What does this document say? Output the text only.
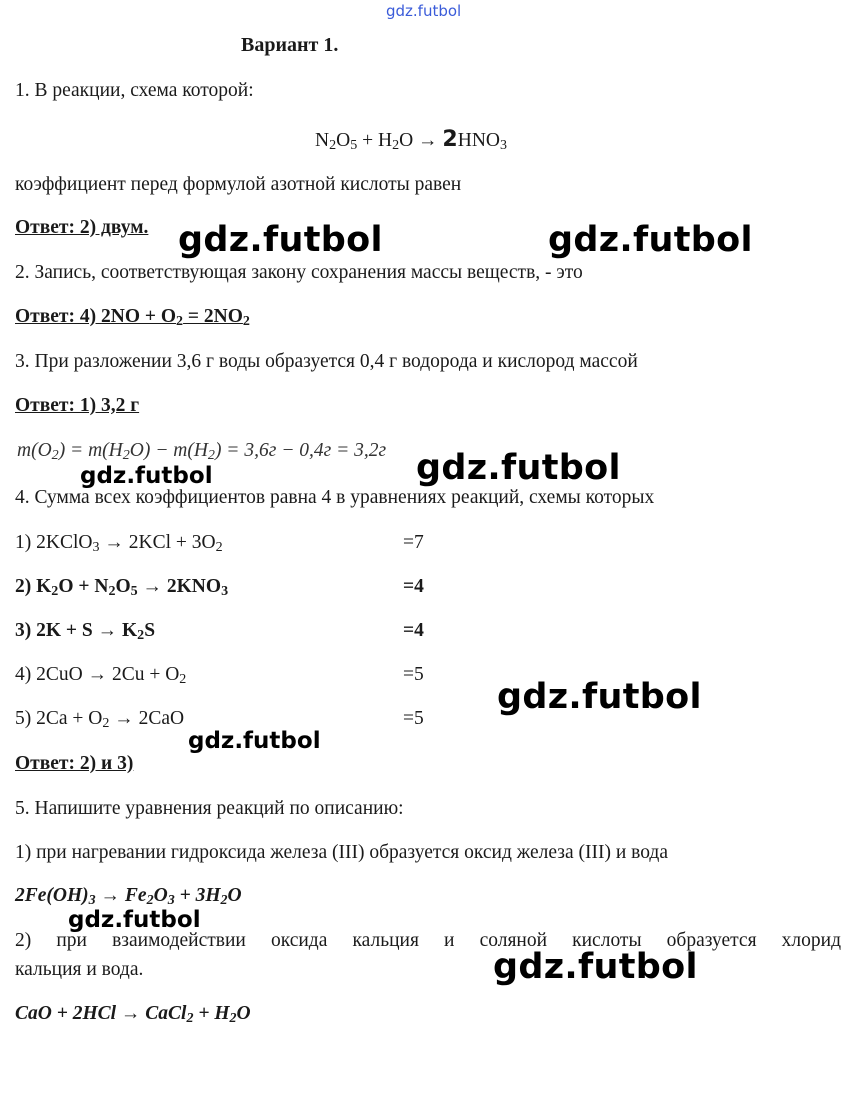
gdz.futbol
Вариант 1.
1. В реакции, схема которой:
$N_2O_5 + H_2O \to 2HNO_3$
коэффициент перед формулой азотной кислоты равен
Ответ: 2) двум.
2. Запись, соответствующая закону сохранения массы веществ, - это
Ответ: 4) $2NO + O_2 = 2NO_2$
3. При разложении 3,6 г воды образуется 0,4 г водорода и кислород массой
Ответ: 1) 3,2 г
$m(O_2) = m(H_2O) - m(H_2) = 3,6г - 0,4г = 3,2г$
4. Сумма всех коэффициентов равна 4 в уравнениях реакций, схемы которых
1) 2KClO$_3$ → $2KCl + 3O_2$	=7
2) $K_2O + N_2O_5 \to 2KNO_3$	=4
3) $2K + S \to K_2S$	=4
4) $2CuO \to 2Cu + O_2$	=5
5) $2Ca + O_2 \to 2CaO$	=5
Ответ: 2) и 3)
5. Напишите уравнения реакций по описанию:
1) при нагревании гидроксида железа (III) образуется оксид железа (III) и вода
$2Fe(OH)_3 \to Fe_2O_3 + 3H_2O$
2) при взаимодействии оксида кальция и соляной кислоты образуется хлорид
кальция и вода.
CaO + 2HCl → CaCl$_2$ + $H_2O$
gdz.futbol	gdz.futbol
gdz.futbol	gdz.futbol
gdz.futbol
gdz.futbol
gdz.futbol
gdz.futbol
